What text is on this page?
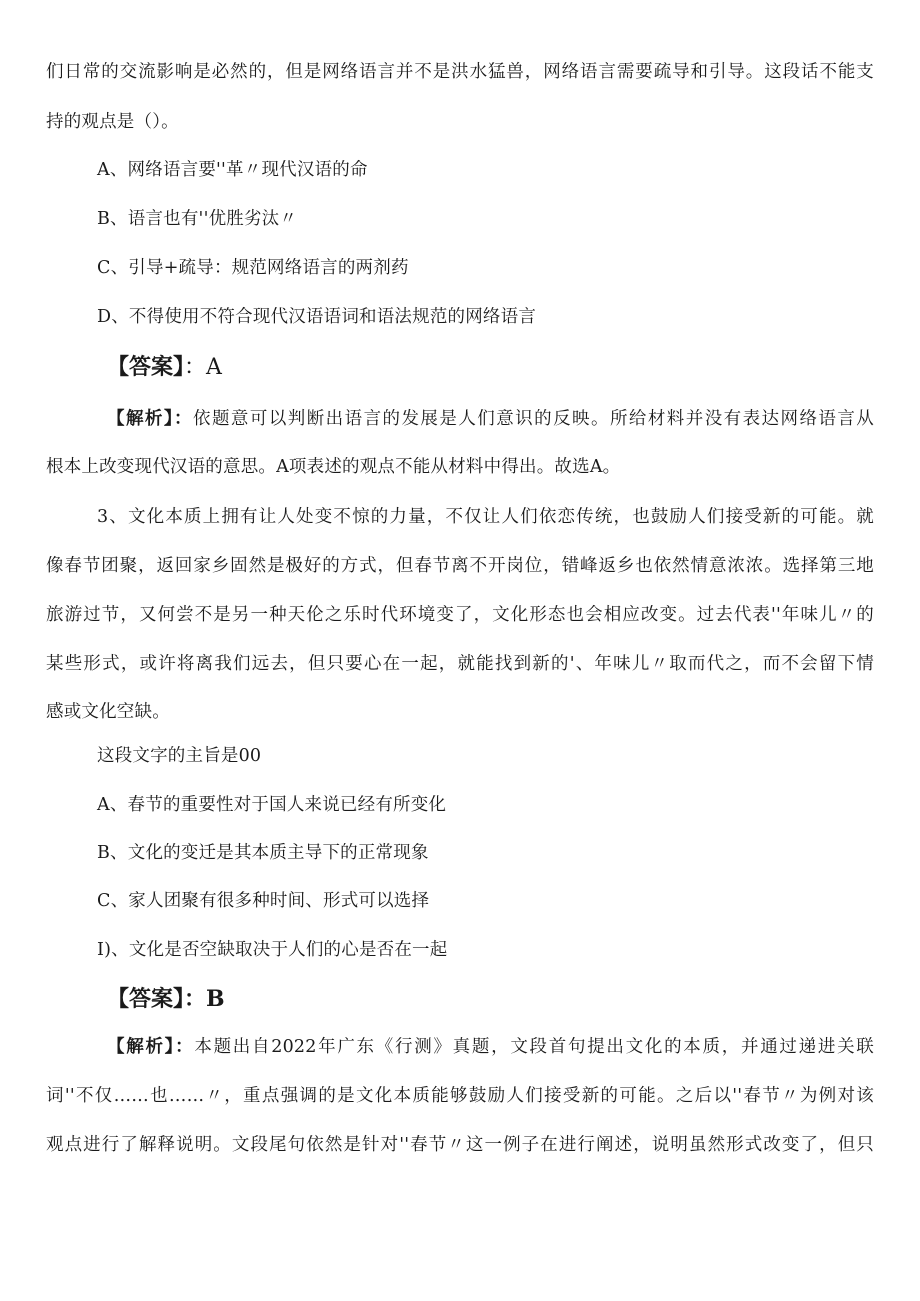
们日常的交流影响是必然的，但是网络语言并不是洪水猛兽，网络语言需要疏导和引导。这段话不能支
持的观点是（）。
A、网络语言要''革〃现代汉语的命
B、语言也有''优胜劣汰〃
C、引导+疏导：规范网络语言的两剂药
D、不得使用不符合现代汉语语词和语法规范的网络语言
【答案】：A
【解析】：依题意可以判断出语言的发展是人们意识的反映。所给材料并没有表达网络语言从
根本上改变现代汉语的意思。A项表述的观点不能从材料中得出。故选A。
3、文化本质上拥有让人处变不惊的力量，不仅让人们依恋传统，也鼓励人们接受新的可能。就
像春节团聚，返回家乡固然是极好的方式，但春节离不开岗位，错峰返乡也依然情意浓浓。选择第三地
旅游过节，又何尝不是另一种天伦之乐时代环境变了，文化形态也会相应改变。过去代表''年味儿〃的
某些形式，或许将离我们远去，但只要心在一起，就能找到新的'、年味儿〃取而代之，而不会留下情
感或文化空缺。
这段文字的主旨是00
A、春节的重要性对于国人来说已经有所变化
B、文化的变迁是其本质主导下的正常现象
C、家人团聚有很多种时间、形式可以选择
I)、文化是否空缺取决于人们的心是否在一起
【答案】：B
【解析】：本题出自2022年广东《行测》真题，文段首句提出文化的本质，并通过递进关联
词''不仅……也……〃，重点强调的是文化本质能够鼓励人们接受新的可能。之后以''春节〃为例对该
观点进行了解释说明。文段尾句依然是针对''春节〃这一例子在进行阐述，说明虽然形式改变了，但只
